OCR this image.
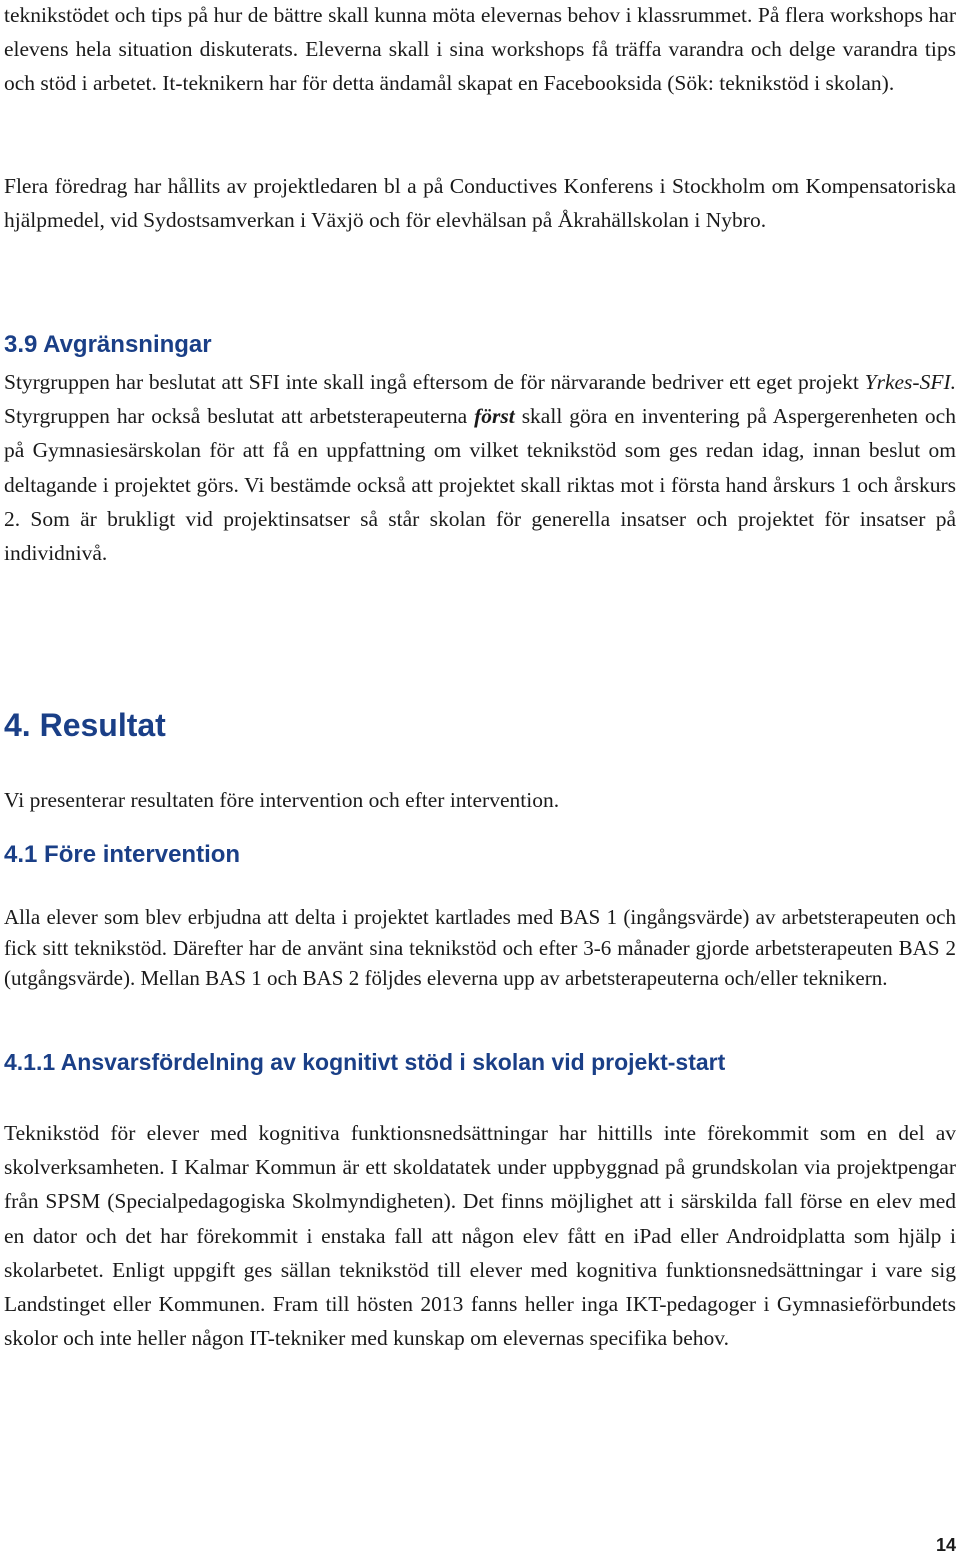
teknikstödet och tips på hur de bättre skall kunna möta elevernas behov i klassrummet. På flera workshops har elevens hela situation diskuterats. Eleverna skall i sina workshops få träffa varandra och delge varandra tips och stöd i arbetet. It-teknikern har för detta ändamål skapat en Facebooksida (Sök: teknikstöd i skolan).

Flera föredrag har hållits av projektledaren bl a på Conductives Konferens i Stockholm om Kompensatoriska hjälpmedel, vid Sydostsamverkan i Växjö och för elevhälsan på Åkrahällskolan i Nybro.

3.9 Avgränsningar

Styrgruppen har beslutat att SFI inte skall ingå eftersom de för närvarande bedriver ett eget projekt Yrkes-SFI. Styrgruppen har också beslutat att arbetsterapeuterna först skall göra en inventering på Aspergerenheten och på Gymnasiesärskolan för att få en uppfattning om vilket teknikstöd som ges redan idag, innan beslut om deltagande i projektet görs. Vi bestämde också att projektet skall riktas mot i första hand årskurs 1 och årskurs 2. Som är brukligt vid projektinsatser så står skolan för generella insatser och projektet för insatser på individnivå.

4. Resultat

Vi presenterar resultaten före intervention och efter intervention.

4.1 Före intervention

Alla elever som blev erbjudna att delta i projektet kartlades med BAS 1 (ingångsvärde) av arbetsterapeuten och fick sitt teknikstöd. Därefter har de använt sina teknikstöd och efter 3-6 månader gjorde arbetsterapeuten BAS 2 (utgångsvärde). Mellan BAS 1 och BAS 2 följdes eleverna upp av arbetsterapeuterna och/eller teknikern.

4.1.1 Ansvarsfördelning av kognitivt stöd i skolan vid projekt-start

Teknikstöd för elever med kognitiva funktionsnedsättningar har hittills inte förekommit som en del av skolverksamheten. I Kalmar Kommun är ett skoldatatek under uppbyggnad på grundskolan via projektpengar från SPSM (Specialpedagogiska Skolmyndigheten). Det finns möjlighet att i särskilda fall förse en elev med en dator och det har förekommit i enstaka fall att någon elev fått en iPad eller Androidplatta som hjälp i skolarbetet. Enligt uppgift ges sällan teknikstöd till elever med kognitiva funktionsnedsättningar i vare sig Landstinget eller Kommunen. Fram till hösten 2013 fanns heller inga IKT-pedagoger i Gymnasieförbundets skolor och inte heller någon IT-tekniker med kunskap om elevernas specifika behov.

14
